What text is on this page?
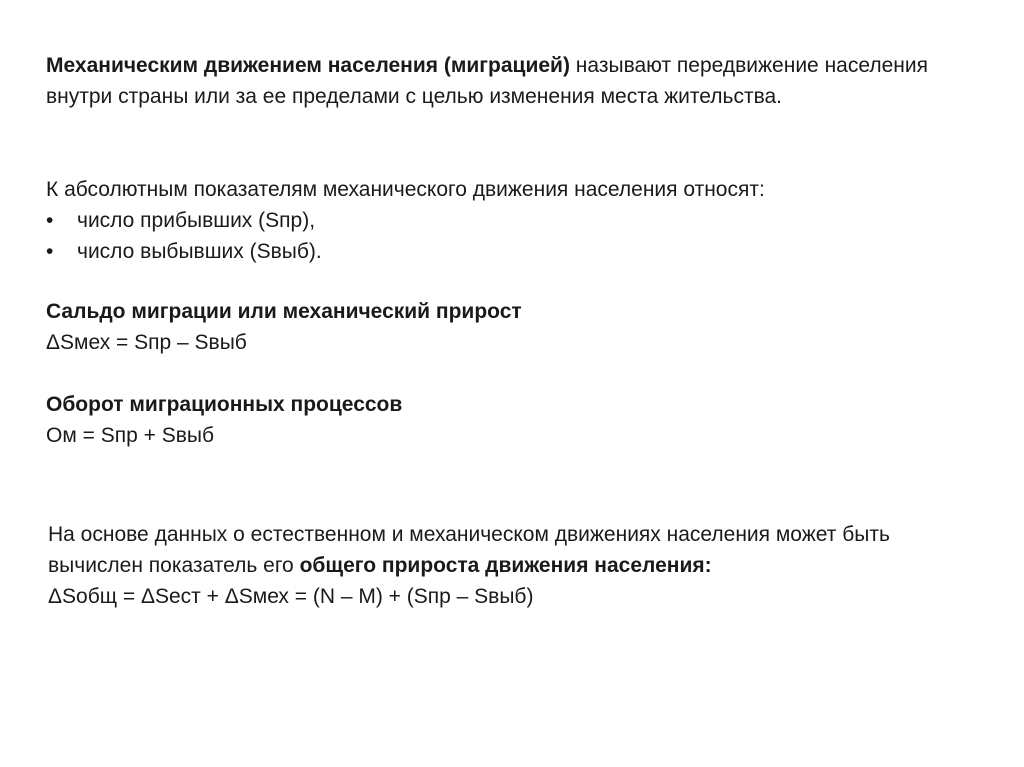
Механическим движением населения (миграцией) называют передвижение населения внутри страны или за ее пределами с целью изменения места жительства.

К абсолютным показателям механического движения населения относят:

• число прибывших (Sпр),
• число выбывших (Sвыб).

Сальдо миграции или механический прирост

ΔSмех = Sпр – Sвыб

Оборот миграционных процессов

Ом = Sпр + Sвыб

На основе данных о естественном и механическом движениях населения может быть вычислен показатель его общего прироста движения населения:

ΔSобщ = ΔSест + ΔSмех = (N – M) + (Sпр – Sвыб)
